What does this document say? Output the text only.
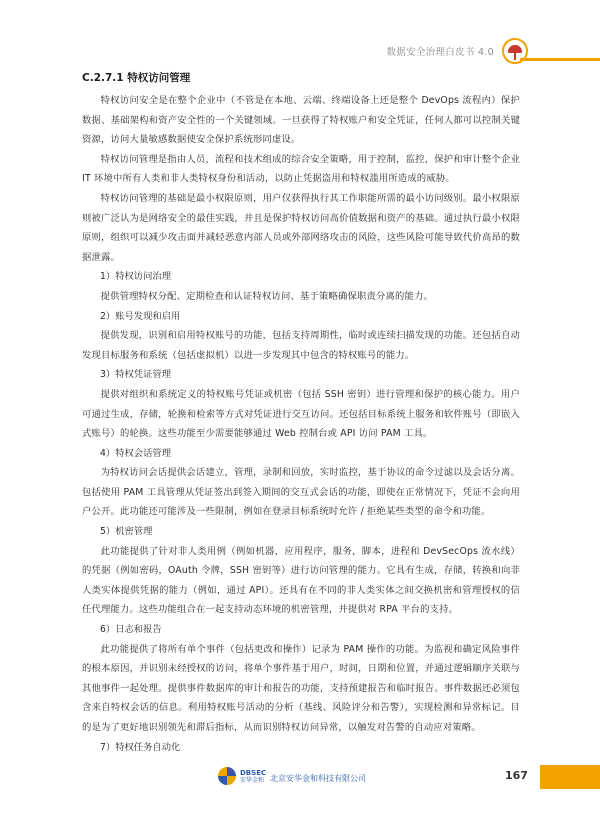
数据安全治理白皮书 4.0
C.2.7.1 特权访问管理

特权访问安全是在整个企业中（不管是在本地、云端、终端设备上还是整个 DevOps 流程内）保护数据、基础架构和资产安全性的一个关键领域。一旦获得了特权账户和安全凭证，任何人都可以控制关键资源，访问大量敏感数据使安全保护系统形同虚设。

特权访问管理是指由人员，流程和技术组成的综合安全策略，用于控制，监控，保护和审计整个企业 IT 环境中所有人类和非人类特权身份和活动，以防止凭据盗用和特权滥用所造成的威胁。

特权访问管理的基础是最小权限原则，用户仅获得执行其工作职能所需的最小访问级别。最小权限原则被广泛认为是网络安全的最佳实践，并且是保护特权访问高价值数据和资产的基础。通过执行最小权限原则，组织可以减少攻击面并减轻恶意内部人员或外部网络攻击的风险，这些风险可能导致代价高昂的数据泄露。

1）特权访问治理

提供管理特权分配、定期检查和认证特权访问、基于策略确保职责分离的能力。

2）账号发现和启用

提供发现，识别和启用特权账号的功能，包括支持周期性，临时或连续扫描发现的功能。还包括自动发现目标服务和系统（包括虚拟机）以进一步发现其中包含的特权账号的能力。

3）特权凭证管理

提供对组织和系统定义的特权账号凭证或机密（包括 SSH 密钥）进行管理和保护的核心能力。用户可通过生成，存储，轮换和检索等方式对凭证进行交互访问。还包括目标系统上服务和软件账号（即嵌入式账号）的轮换。这些功能至少需要能够通过 Web 控制台或 API 访问 PAM 工具。

4）特权会话管理

为特权访问会话提供会话建立，管理，录制和回放，实时监控，基于协议的命令过滤以及会话分离。包括使用 PAM 工具管理从凭证签出到签入期间的交互式会话的功能，即使在正常情况下，凭证不会向用户公开。此功能还可能涉及一些限制，例如在登录目标系统时允许 / 拒绝某些类型的命令和功能。

5）机密管理

此功能提供了针对非人类用例（例如机器，应用程序，服务，脚本，进程和 DevSecOps 流水线）的凭据（例如密码，OAuth 令牌，SSH 密钥等）进行访问管理的能力。它具有生成，存储，转换和向非人类实体提供凭据的能力（例如，通过 API）。还具有在不同的非人类实体之间交换机密和管理授权的信任代理能力。这些功能组合在一起支持动态环境的机密管理，并提供对 RPA 平台的支持。

6）日志和报告

此功能提供了将所有单个事件（包括更改和操作）记录为 PAM 操作的功能。为监视和确定风险事件的根本原因，并识别未经授权的访问，将单个事件基于用户，时间，日期和位置，并通过逻辑顺序关联与其他事件一起处理。提供事件数据库的审计和报告的功能，支持预建报告和临时报告。事件数据还必须包含来自特权会话的信息。利用特权账号活动的分析（基线、风险评分和告警），实现检测和异常标记。目的是为了更好地识别领先和滞后指标，从而识别特权访问异常，以触发对告警的自动应对策略。

7）特权任务自动化

DBSEC
安华金和 北京安华金和科技有限公司	167
